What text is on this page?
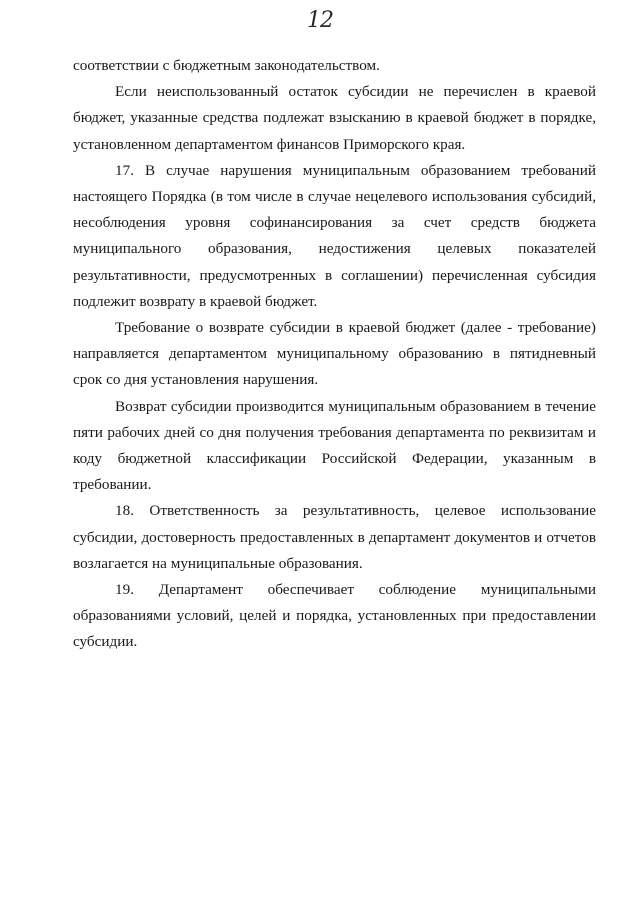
12

соответствии с бюджетным законодательством.

Если неиспользованный остаток субсидии не перечислен в краевой бюджет, указанные средства подлежат взысканию в краевой бюджет в порядке, установленном департаментом финансов Приморского края.

17. В случае нарушения муниципальным образованием требований настоящего Порядка (в том числе в случае нецелевого использования субсидий, несоблюдения уровня софинансирования за счет средств бюджета муниципального образования, недостижения целевых показателей результативности, предусмотренных в соглашении) перечисленная субсидия подлежит возврату в краевой бюджет.

Требование о возврате субсидии в краевой бюджет (далее - требование) направляется департаментом муниципальному образованию в пятидневный срок со дня установления нарушения.

Возврат субсидии производится муниципальным образованием в течение пяти рабочих дней со дня получения требования департамента по реквизитам и коду бюджетной классификации Российской Федерации, указанным в требовании.

18. Ответственность за результативность, целевое использование субсидии, достоверность предоставленных в департамент документов и отчетов возлагается на муниципальные образования.

19. Департамент обеспечивает соблюдение муниципальными образованиями условий, целей и порядка, установленных при предоставлении субсидии.
